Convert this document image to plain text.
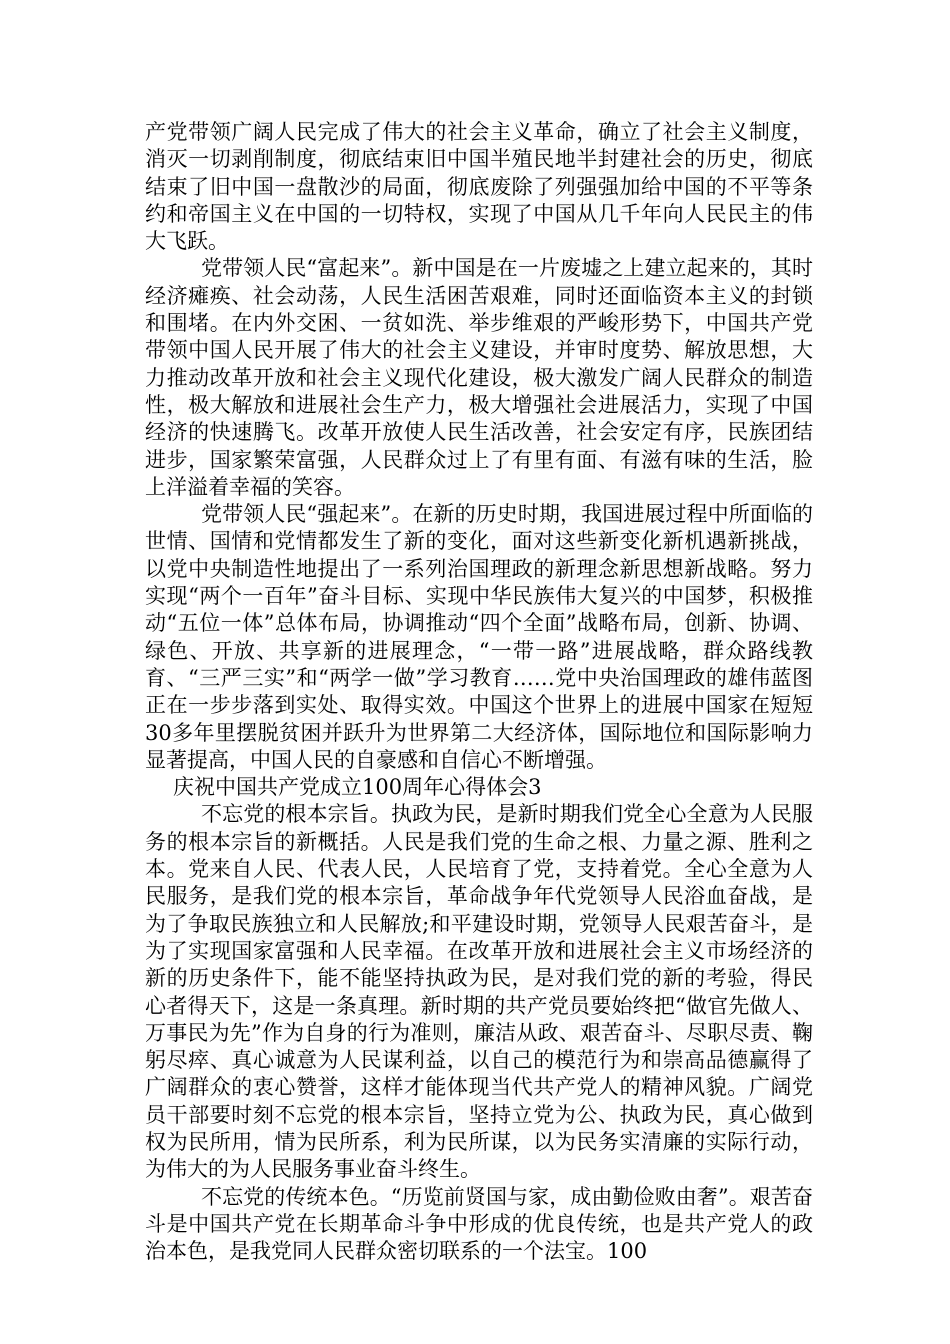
产党带领广阔人民完成了伟大的社会主义革命，确立了社会主义制度，消灭一切剥削制度，彻底结束旧中国半殖民地半封建社会的历史，彻底结束了旧中国一盘散沙的局面，彻底废除了列强强加给中国的不平等条约和帝国主义在中国的一切特权，实现了中国从几千年向人民民主的伟大飞跃。

党带领人民“富起来”。新中国是在一片废墟之上建立起来的，其时经济瘫痪、社会动荡，人民生活困苦艰难，同时还面临资本主义的封锁和围堵。在内外交困、一贫如洗、举步维艰的严峻形势下，中国共产党带领中国人民开展了伟大的社会主义建设，并审时度势、解放思想，大力推动改革开放和社会主义现代化建设，极大激发广阔人民群众的制造性，极大解放和进展社会生产力，极大增强社会进展活力，实现了中国经济的快速腾飞。改革开放使人民生活改善，社会安定有序，民族团结进步，国家繁荣富强，人民群众过上了有里有面、有滋有味的生活，脸上洋溢着幸福的笑容。

党带领人民“强起来”。在新的历史时期，我国进展过程中所面临的世情、国情和党情都发生了新的变化，面对这些新变化新机遇新挑战，以党中央制造性地提出了一系列治国理政的新理念新思想新战略。努力实现“两个一百年”奋斗目标、实现中华民族伟大复兴的中国梦，积极推动“五位一体”总体布局，协调推动“四个全面”战略布局，创新、协调、绿色、开放、共享新的进展理念，“一带一路”进展战略，群众路线教育、“三严三实”和“两学一做”学习教育……党中央治国理政的雄伟蓝图正在一步步落到实处、取得实效。中国这个世界上的进展中国家在短短30多年里摆脱贫困并跃升为世界第二大经济体，国际地位和国际影响力显著提高，中国人民的自豪感和自信心不断增强。

庆祝中国共产党成立100周年心得体会3

不忘党的根本宗旨。执政为民，是新时期我们党全心全意为人民服务的根本宗旨的新概括。人民是我们党的生命之根、力量之源、胜利之本。党来自人民、代表人民，人民培育了党，支持着党。全心全意为人民服务，是我们党的根本宗旨，革命战争年代党领导人民浴血奋战，是为了争取民族独立和人民解放;和平建设时期，党领导人民艰苦奋斗，是为了实现国家富强和人民幸福。在改革开放和进展社会主义市场经济的新的历史条件下，能不能坚持执政为民，是对我们党的新的考验，得民心者得天下，这是一条真理。新时期的共产党员要始终把“做官先做人、万事民为先”作为自身的行为准则，廉洁从政、艰苦奋斗、尽职尽责、鞠躬尽瘁、真心诚意为人民谋利益，以自己的模范行为和崇高品德赢得了广阔群众的衷心赞誉，这样才能体现当代共产党人的精神风貌。广阔党员干部要时刻不忘党的根本宗旨，坚持立党为公、执政为民，真心做到权为民所用，情为民所系，利为民所谋，以为民务实清廉的实际行动，为伟大的为人民服务事业奋斗终生。

不忘党的传统本色。“历览前贤国与家，成由勤俭败由奢”。艰苦奋斗是中国共产党在长期革命斗争中形成的优良传统，也是共产党人的政治本色，是我党同人民群众密切联系的一个法宝。100
